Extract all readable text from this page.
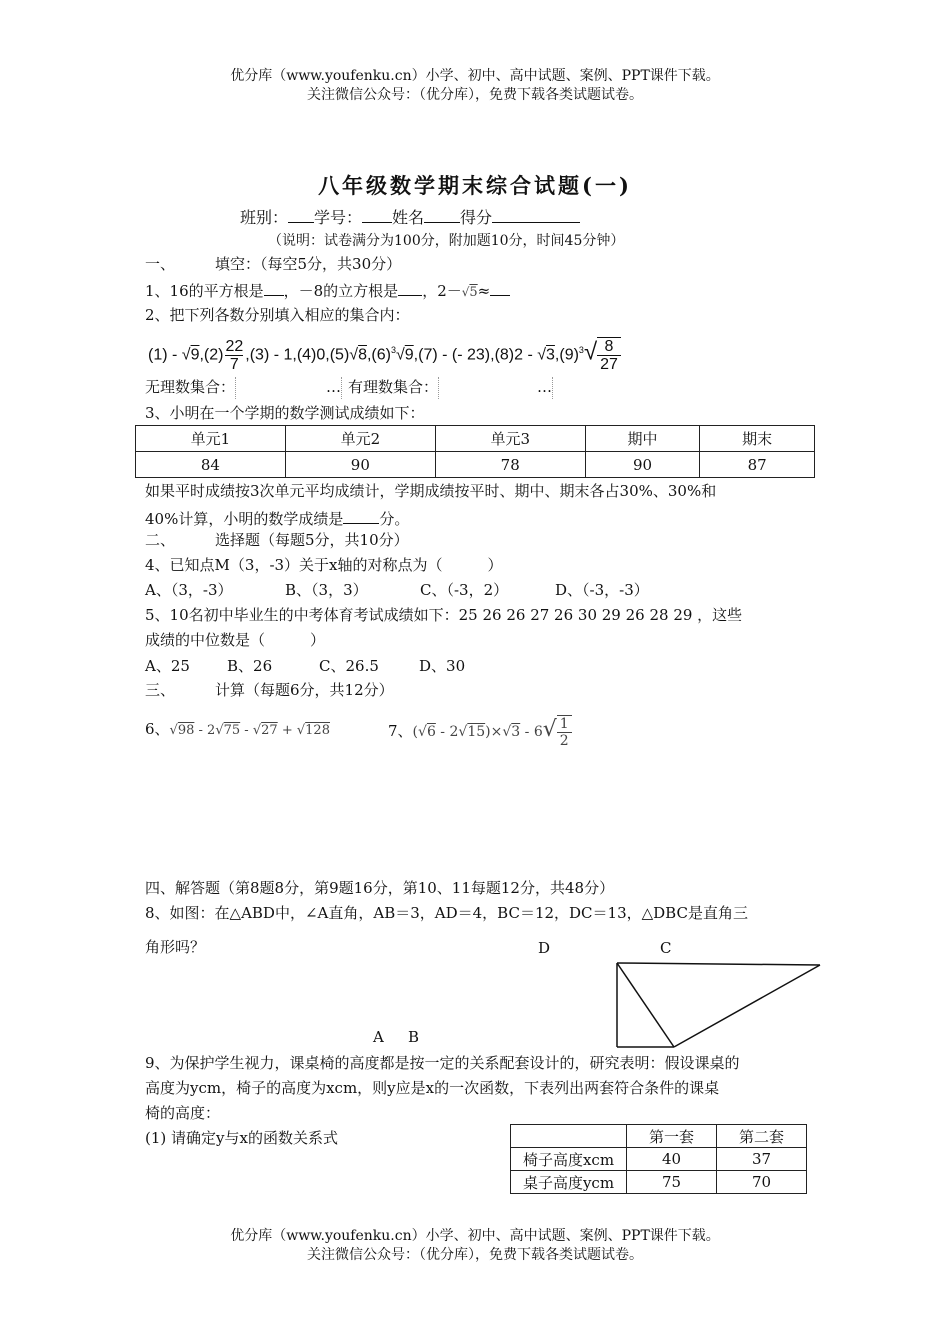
优分库（www.youfenku.cn）小学、初中、高中试题、案例、PPT课件下载。
关注微信公众号：（优分库），免费下载各类试题试卷。
八年级数学期末综合试题(一)
班别： 学号： 姓名 得分
（说明：试卷满分为100分，附加题10分，时间45分钟）
一、	填空：（每空5分，共30分）
1、16的平方根是 ，－8的立方根是 ，2－√5≈
2、把下列各数分别填入相应的集合内：
$(1) - √9,(2) \frac{22}{7} ,(3) - 1,(4)0,(5)√8,(6)^3√9,(7)$ - (- $23),(8)2 - √3,(9)^3√ \frac{8}{27}$
无理数集合：	… 有理数集合：	…
3、小明在一个学期的数学测试成绩如下：
单元1	单元2	单元3	期中	期末
84	90	78	90	87
如果平时成绩按3次单元平均成绩计，学期成绩按平时、期中、期末各占30%、30%和
40%计算，小明的数学成绩是 分。
二、	选择题（每题5分，共10分）
4、已知点M（3，-3）关于x轴的对称点为（　　　）
A、（3，-3）	B、（3，3）	C、（-3，2）	D、（-3，-3）
5、10名初中毕业生的中考体育考试成绩如下：25 26 26 27 26 30 29 26 28 29 ，这些
成绩的中位数是（　　　）
A、25 B、26	C、26.5	D、30
三、	计算（每题6分，共12分）
6、√98 - 2√75 - √27 + √128	7、$(√6 - 2√15)\times√3 - 6√ \frac{1}{2}$
四、解答题（第8题8分，第9题16分，第10、11每题12分，共48分）
8、如图：在△ABD中，∠A直角，AB＝3，AD＝4，BC＝12，DC＝13，△DBC是直角三
角形吗？	D	C
A B
9、为保护学生视力，课桌椅的高度都是按一定的关系配套设计的，研究表明：假设课桌的
高度为ycm，椅子的高度为xcm，则y应是x的一次函数，下表列出两套符合条件的课桌
椅的高度：
(1) 请确定y与x的函数关系式
		第一套	第二套
椅子高度xcm	40	37
桌子高度ycm	75	70
优分库（www.youfenku.cn）小学、初中、高中试题、案例、PPT课件下载。
关注微信公众号：（优分库），免费下载各类试题试卷。
